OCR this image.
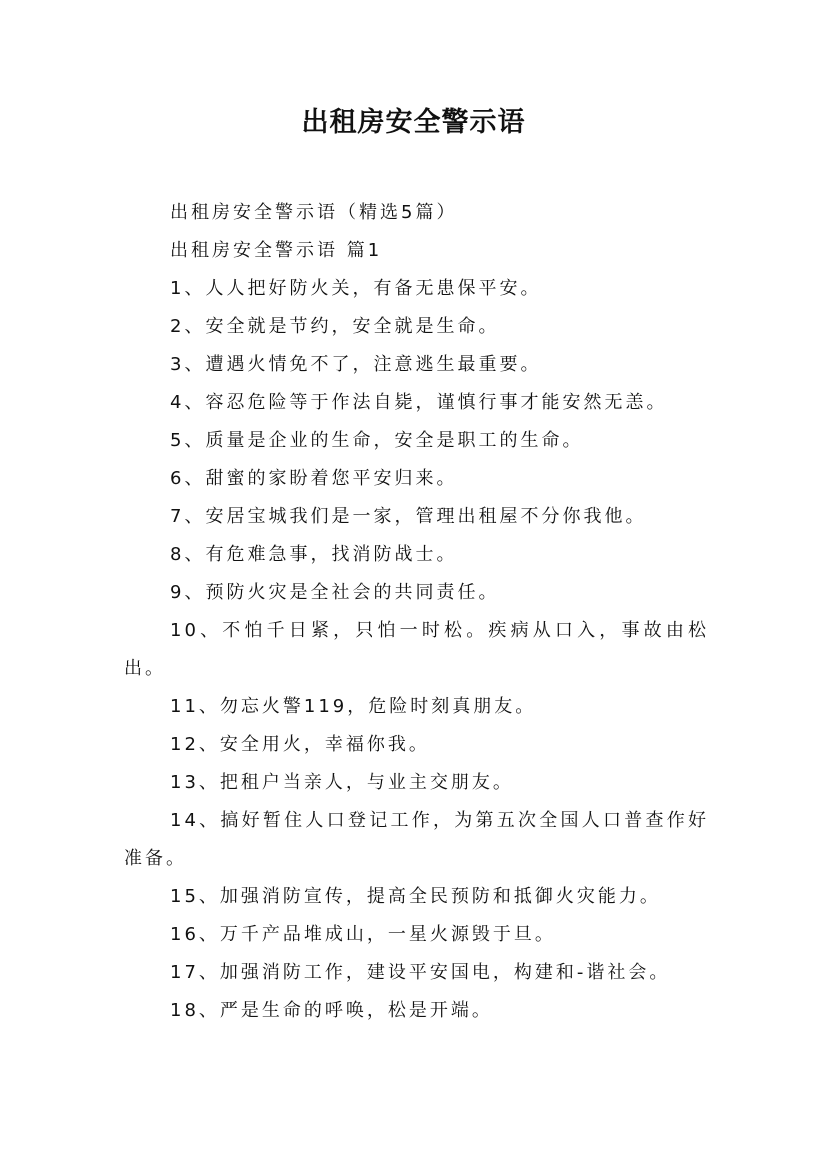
出租房安全警示语

出租房安全警示语（精选5篇）

出租房安全警示语 篇1

1、人人把好防火关，有备无患保平安。

2、安全就是节约，安全就是生命。

3、遭遇火情免不了，注意逃生最重要。

4、容忍危险等于作法自毙，谨慎行事才能安然无恙。

5、质量是企业的生命，安全是职工的生命。

6、甜蜜的家盼着您平安归来。

7、安居宝城我们是一家，管理出租屋不分你我他。

8、有危难急事，找消防战士。

9、预防火灾是全社会的共同责任。

10、不怕千日紧，只怕一时松。疾病从口入，事故由松出。

11、勿忘火警119，危险时刻真朋友。

12、安全用火，幸福你我。

13、把租户当亲人，与业主交朋友。

14、搞好暂住人口登记工作，为第五次全国人口普查作好准备。

15、加强消防宣传，提高全民预防和抵御火灾能力。

16、万千产品堆成山，一星火源毁于旦。

17、加强消防工作，建设平安国电，构建和-谐社会。

18、严是生命的呼唤，松是开端。
